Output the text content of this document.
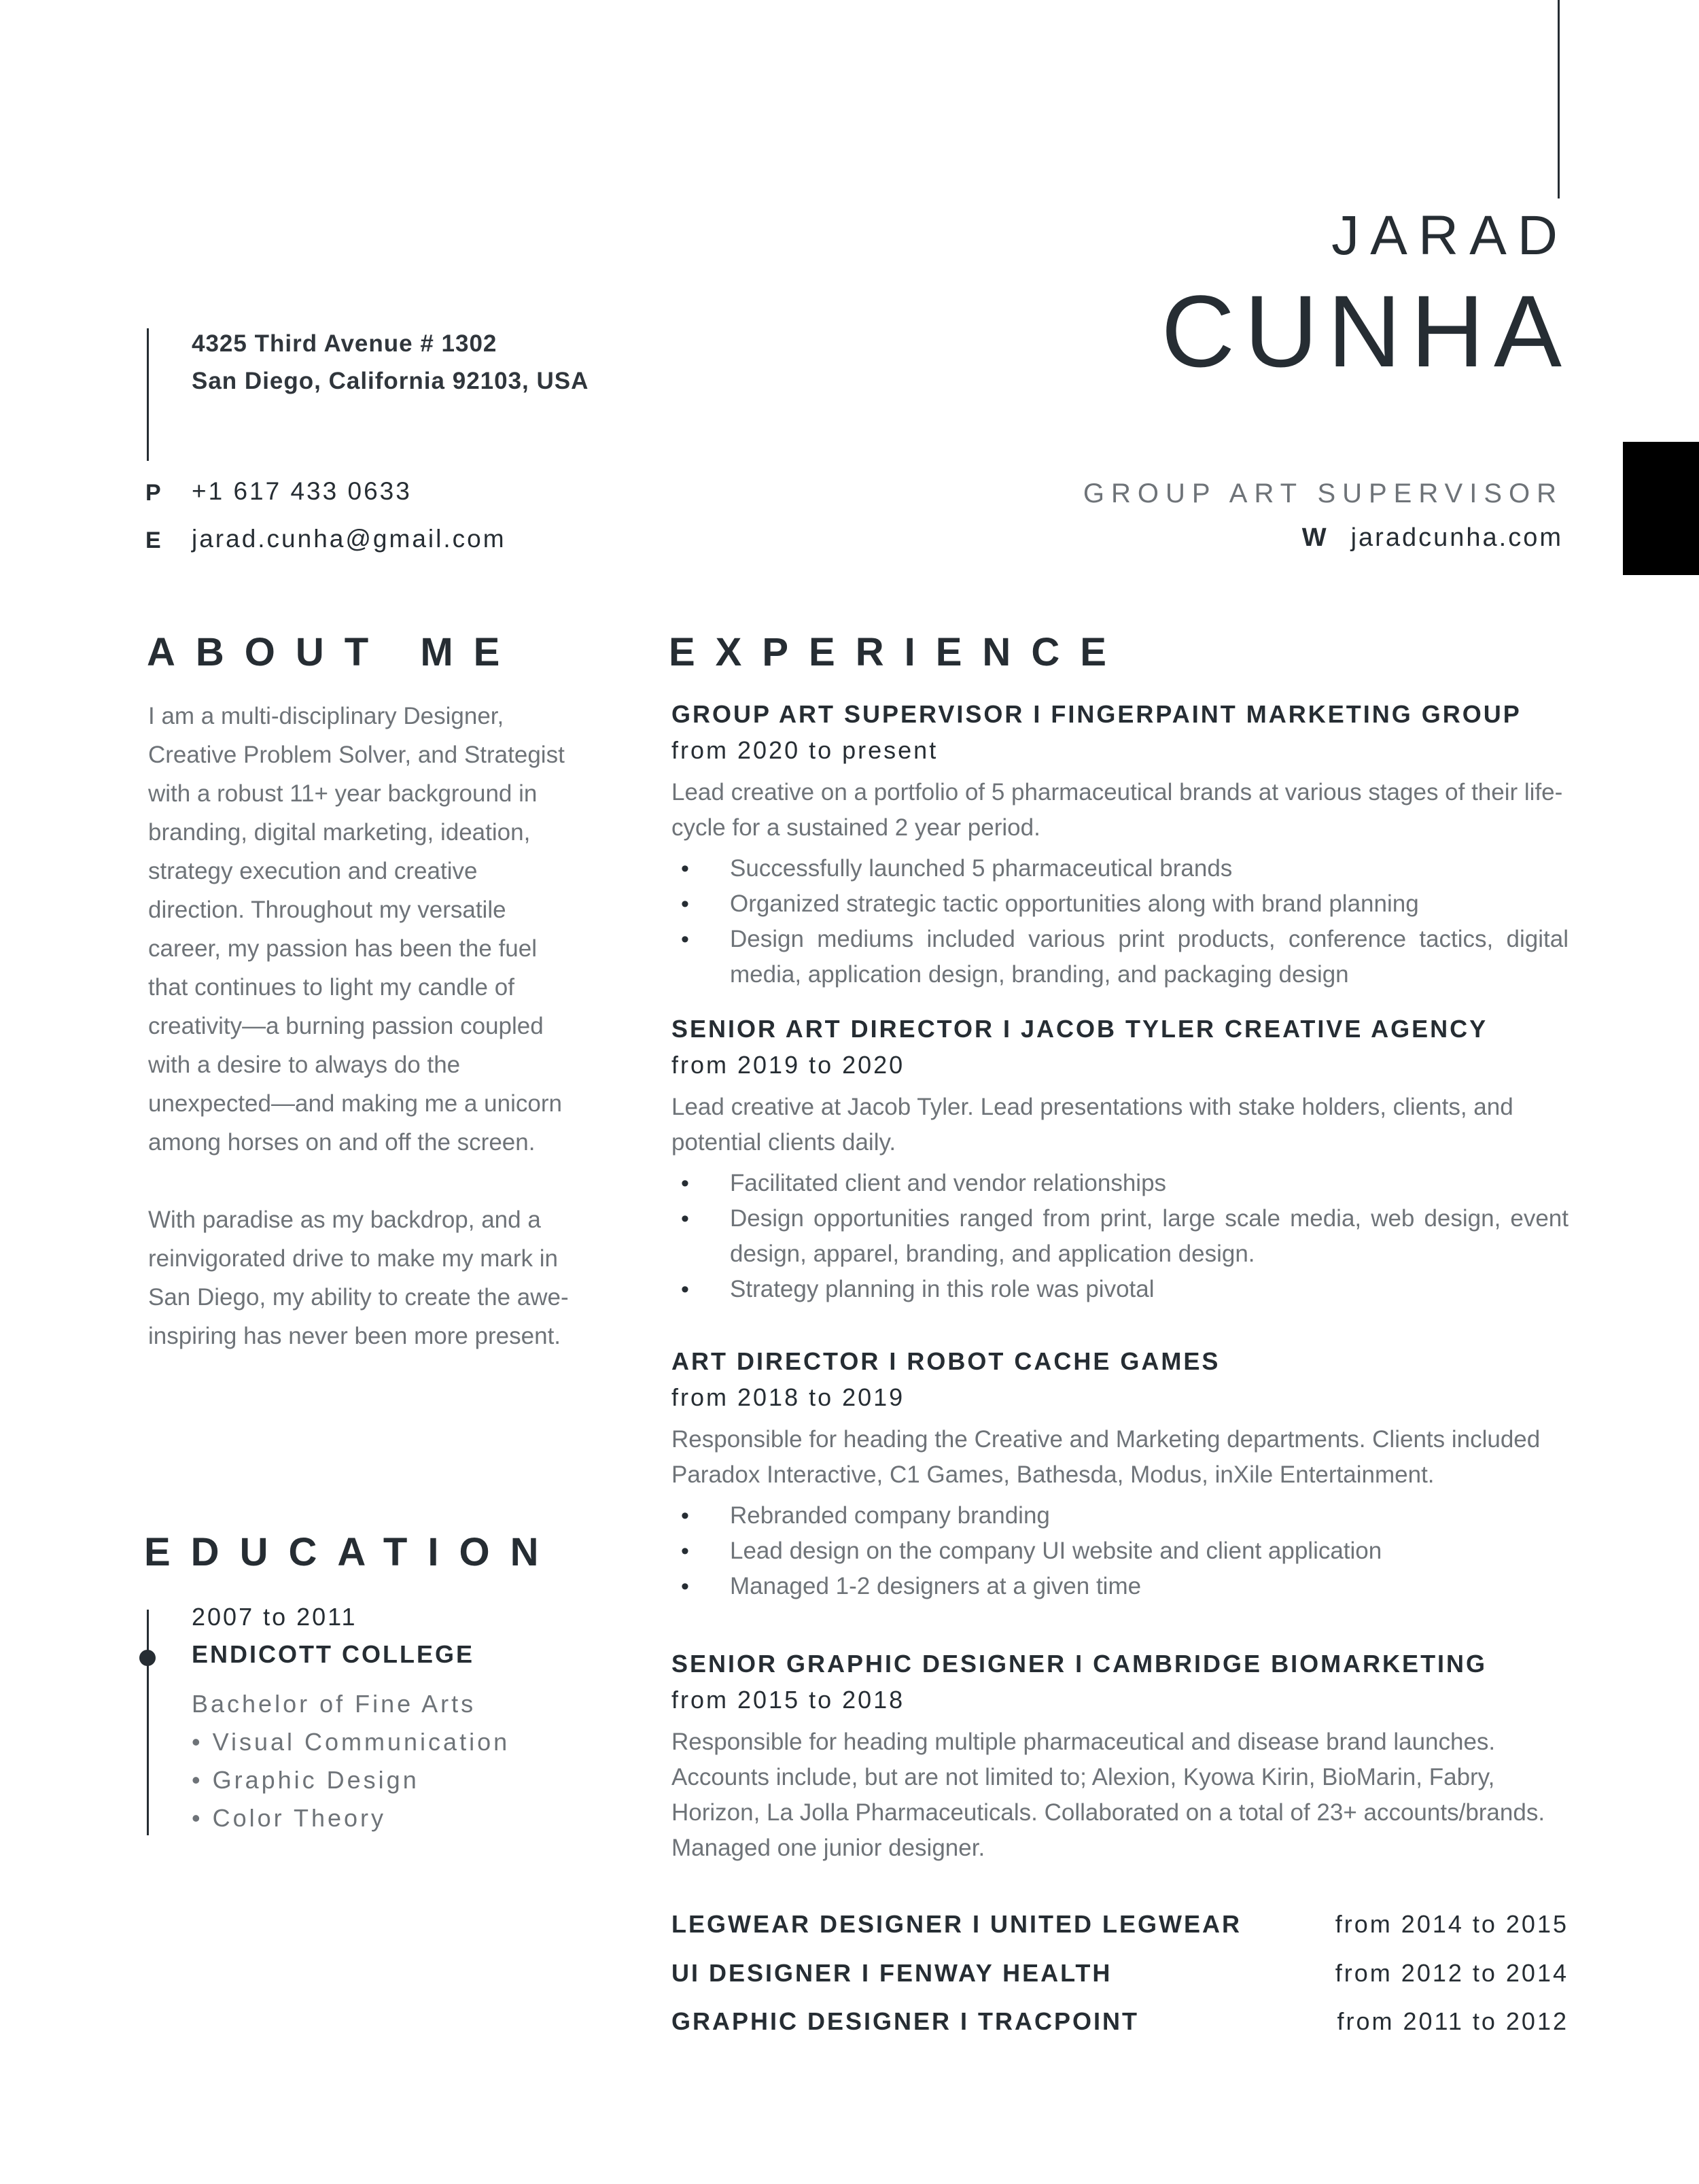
JARAD
CUNHA
GROUP ART SUPERVISOR
W jaradcunha.com
4325 Third Avenue # 1302
San Diego, California 92103, USA
P +1 617 433 0633
E jarad.cunha@gmail.com
ABOUT ME

I am a multi-disciplinary Designer, Creative Problem Solver, and Strategist with a robust 11+ year background in branding, digital marketing, ideation, strategy execution and creative direction. Throughout my versatile career, my passion has been the fuel that continues to light my candle of creativity—a burning passion coupled with a desire to always do the unexpected—and making me a unicorn among horses on and off the screen.

With paradise as my backdrop, and a reinvigorated drive to make my mark in San Diego, my ability to create the awe-inspiring has never been more present.

EDUCATION
2007 to 2011
ENDICOTT COLLEGE
Bachelor of Fine Arts
• Visual Communication
• Graphic Design
• Color Theory
EXPERIENCE
GROUP ART SUPERVISOR I FINGERPAINT MARKETING GROUP
from 2020 to present
Lead creative on a portfolio of 5 pharmaceutical brands at various stages of their life-cycle for a sustained 2 year period.
• Successfully launched 5 pharmaceutical brands
• Organized strategic tactic opportunities along with brand planning
• Design mediums included various print products, conference tactics, digital media, application design, branding, and packaging design
SENIOR ART DIRECTOR I JACOB TYLER CREATIVE AGENCY
from 2019 to 2020
Lead creative at Jacob Tyler. Lead presentations with stake holders, clients, and potential clients daily.
• Facilitated client and vendor relationships
• Design opportunities ranged from print, large scale media, web design, event design, apparel, branding, and application design.
• Strategy planning in this role was pivotal
ART DIRECTOR I ROBOT CACHE GAMES
from 2018 to 2019
Responsible for heading the Creative and Marketing departments. Clients included Paradox Interactive, C1 Games, Bathesda, Modus, inXile Entertainment.
• Rebranded company branding
• Lead design on the company UI website and client application
• Managed 1-2 designers at a given time
SENIOR GRAPHIC DESIGNER I CAMBRIDGE BIOMARKETING
from 2015 to 2018
Responsible for heading multiple pharmaceutical and disease brand launches. Accounts include, but are not limited to; Alexion, Kyowa Kirin, BioMarin, Fabry, Horizon, La Jolla Pharmaceuticals. Collaborated on a total of 23+ accounts/brands. Managed one junior designer.
LEGWEAR DESIGNER I UNITED LEGWEAR	from 2014 to 2015
UI DESIGNER I FENWAY HEALTH	from 2012 to 2014
GRAPHIC DESIGNER I TRACPOINT	from 2011 to 2012
